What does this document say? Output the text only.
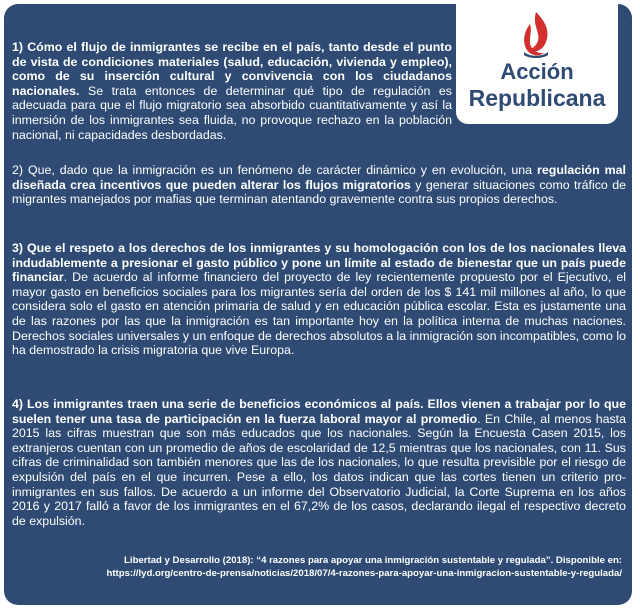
Acción
Republicana

1) Cómo el flujo de inmigrantes se recibe en el país, tanto desde el punto de vista de condiciones materiales (salud, educación, vivienda y empleo), como de su inserción cultural y convivencia con los ciudadanos nacionales. Se trata entonces de determinar qué tipo de regulación es adecuada para que el flujo migratorio sea absorbido cuantitativamente y así la inmersión de los inmigrantes sea fluida, no provoque rechazo en la población nacional, ni capacidades desbordadas.

2) Que, dado que la inmigración es un fenómeno de carácter dinámico y en evolución, una regulación mal diseñada crea incentivos que pueden alterar los flujos migratorios y generar situaciones como tráfico de migrantes manejados por mafias que terminan atentando gravemente contra sus propios derechos.

3) Que el respeto a los derechos de los inmigrantes y su homologación con los de los nacionales lleva indudablemente a presionar el gasto público y pone un límite al estado de bienestar que un país puede financiar. De acuerdo al informe financiero del proyecto de ley recientemente propuesto por el Ejecutivo, el mayor gasto en beneficios sociales para los migrantes sería del orden de los $ 141 mil millones al año, lo que considera solo el gasto en atención primaria de salud y en educación pública escolar. Esta es justamente una de las razones por las que la inmigración es tan importante hoy en la política interna de muchas naciones. Derechos sociales universales y un enfoque de derechos absolutos a la inmigración son incompatibles, como lo ha demostrado la crisis migratoria que vive Europa.

4) Los inmigrantes traen una serie de beneficios económicos al país. Ellos vienen a trabajar por lo que suelen tener una tasa de participación en la fuerza laboral mayor al promedio. En Chile, al menos hasta 2015 las cifras muestran que son más educados que los nacionales. Según la Encuesta Casen 2015, los extranjeros cuentan con un promedio de años de escolaridad de 12,5 mientras que los nacionales, con 11. Sus cifras de criminalidad son también menores que las de los nacionales, lo que resulta previsible por el riesgo de expulsión del país en el que incurren. Pese a ello, los datos indican que las cortes tienen un criterio pro-inmigrantes en sus fallos. De acuerdo a un informe del Observatorio Judicial, la Corte Suprema en los años 2016 y 2017 falló a favor de los inmigrantes en el 67,2% de los casos, declarando ilegal el respectivo decreto de expulsión.

Libertad y Desarrollo (2018): “4 razones para apoyar una inmigración sustentable y regulada”. Disponible en:
https://lyd.org/centro-de-prensa/noticias/2018/07/4-razones-para-apoyar-una-inmigracion-sustentable-y-regulada/
